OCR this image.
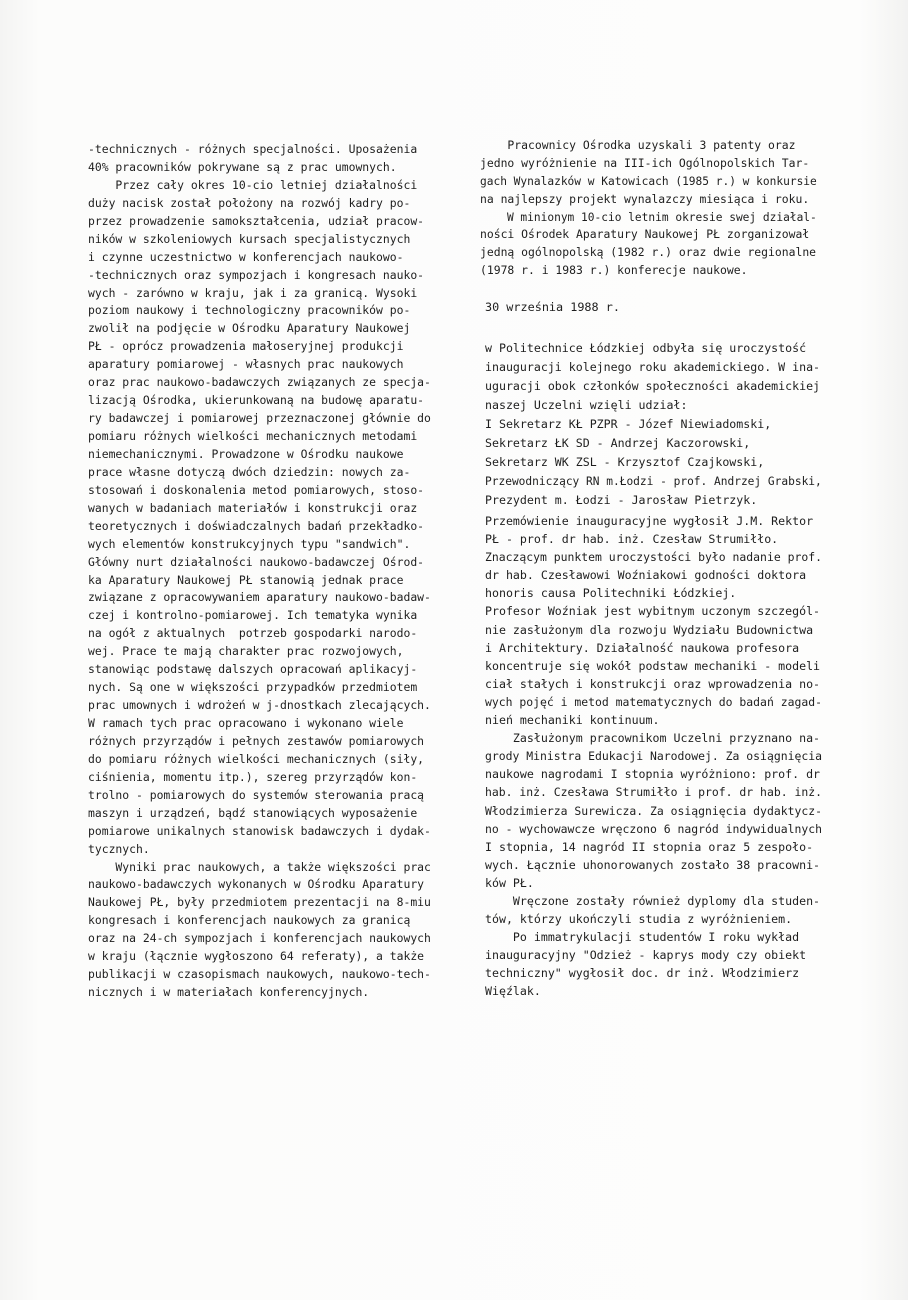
-technicznych - różnych specjalności. Uposażenia
40% pracowników pokrywane są z prac umownych.
Przez cały okres 10-cio letniej działalności
duży nacisk został położony na rozwój kadry po-
przez prowadzenie samokształcenia, udział pracow-
ników w szkoleniowych kursach specjalistycznych
i czynne uczestnictwo w konferencjach naukowo-
-technicznych oraz sympozjach i kongresach nauko-
wych - zarówno w kraju, jak i za granicą. Wysoki
poziom naukowy i technologiczny pracowników po-
zwolił na podjęcie w Ośrodku Aparatury Naukowej
PŁ - oprócz prowadzenia małoseryjnej produkcji
aparatury pomiarowej - własnych prac naukowych
oraz prac naukowo-badawczych związanych ze specja-
lizacją Ośrodka, ukierunkowaną na budowę aparatu-
ry badawczej i pomiarowej przeznaczonej głównie do
pomiaru różnych wielkości mechanicznych metodami
niemechanicznymi. Prowadzone w Ośrodku naukowe
prace własne dotyczą dwóch dziedzin: nowych za-
stosowań i doskonalenia metod pomiarowych, stoso-
wanych w badaniach materiałów i konstrukcji oraz
teoretycznych i doświadczalnych badań przekładko-
wych elementów konstrukcyjnych typu "sandwich".
Główny nurt działalności naukowo-badawczej Ośrod-
ka Aparatury Naukowej PŁ stanowią jednak prace
związane z opracowywaniem aparatury naukowo-badaw-
czej i kontrolno-pomiarowej. Ich tematyka wynika
na ogół z aktualnych  potrzeb gospodarki narodo-
wej. Prace te mają charakter prac rozwojowych,
stanowiąc podstawę dalszych opracowań aplikacyj-
nych. Są one w większości przypadków przedmiotem
prac umownych i wdrożeń w j-dnostkach zlecających.
W ramach tych prac opracowano i wykonano wiele
różnych przyrządów i pełnych zestawów pomiarowych
do pomiaru różnych wielkości mechanicznych (siły,
ciśnienia, momentu itp.), szereg przyrządów kon-
trolno - pomiarowych do systemów sterowania pracą
maszyn i urządzeń, bądź stanowiących wyposażenie
pomiarowe unikalnych stanowisk badawczych i dydak-
tycznych.
Wyniki prac naukowych, a także większości prac
naukowo-badawczych wykonanych w Ośrodku Aparatury
Naukowej PŁ, były przedmiotem prezentacji na 8-miu
kongresach i konferencjach naukowych za granicą
oraz na 24-ch sympozjach i konferencjach naukowych
w kraju (łącznie wygłoszono 64 referaty), a także
publikacji w czasopismach naukowych, naukowo-tech-
nicznych i w materiałach konferencyjnych.
Pracownicy Ośrodka uzyskali 3 patenty oraz
jedno wyróżnienie na III-ich Ogólnopolskich Tar-
gach Wynalazków w Katowicach (1985 r.) w konkursie
na najlepszy projekt wynalazczy miesiąca i roku.
W minionym 10-cio letnim okresie swej działal-
ności Ośrodek Aparatury Naukowej PŁ zorganizował
jedną ogólnopolską (1982 r.) oraz dwie regionalne
(1978 r. i 1983 r.) konferecje naukowe.
30 września 1988 r.
w Politechnice Łódzkiej odbyła się uroczystość
inauguracji kolejnego roku akademickiego. W ina-
uguracji obok członków społeczności akademickiej
naszej Uczelni wzięli udział:
I Sekretarz KŁ PZPR - Józef Niewiadomski,
Sekretarz ŁK SD - Andrzej Kaczorowski,
Sekretarz WK ZSL - Krzysztof Czajkowski,
Przewodniczący RN m.Łodzi - prof. Andrzej Grabski,
Prezydent m. Łodzi - Jarosław Pietrzyk.
Przemówienie inauguracyjne wygłosił J.M. Rektor
PŁ - prof. dr hab. inż. Czesław Strumiłło.
Znaczącym punktem uroczystości było nadanie prof.
dr hab. Czesławowi Woźniakowi godności doktora
honoris causa Politechniki Łódzkiej.
Profesor Woźniak jest wybitnym uczonym szczegól-
nie zasłużonym dla rozwoju Wydziału Budownictwa
i Architektury. Działalność naukowa profesora
koncentruje się wokół podstaw mechaniki - modeli
ciał stałych i konstrukcji oraz wprowadzenia no-
wych pojęć i metod matematycznych do badań zagad-
nień mechaniki kontinuum.
Zasłużonym pracownikom Uczelni przyznano na-
grody Ministra Edukacji Narodowej. Za osiągnięcia
naukowe nagrodami I stopnia wyróżniono: prof. dr
hab. inż. Czesława Strumiłło i prof. dr hab. inż.
Włodzimierza Surewicza. Za osiągnięcia dydaktycz-
no - wychowawcze wręczono 6 nagród indywidualnych
I stopnia, 14 nagród II stopnia oraz 5 zespoło-
wych. Łącznie uhonorowanych zostało 38 pracowni-
ków PŁ.
Wręczone zostały również dyplomy dla studen-
tów, którzy ukończyli studia z wyróżnieniem.
Po immatrykulacji studentów I roku wykład
inauguracyjny "Odzież - kaprys mody czy obiekt
techniczny" wygłosił doc. dr inż. Włodzimierz
Więźlak.
